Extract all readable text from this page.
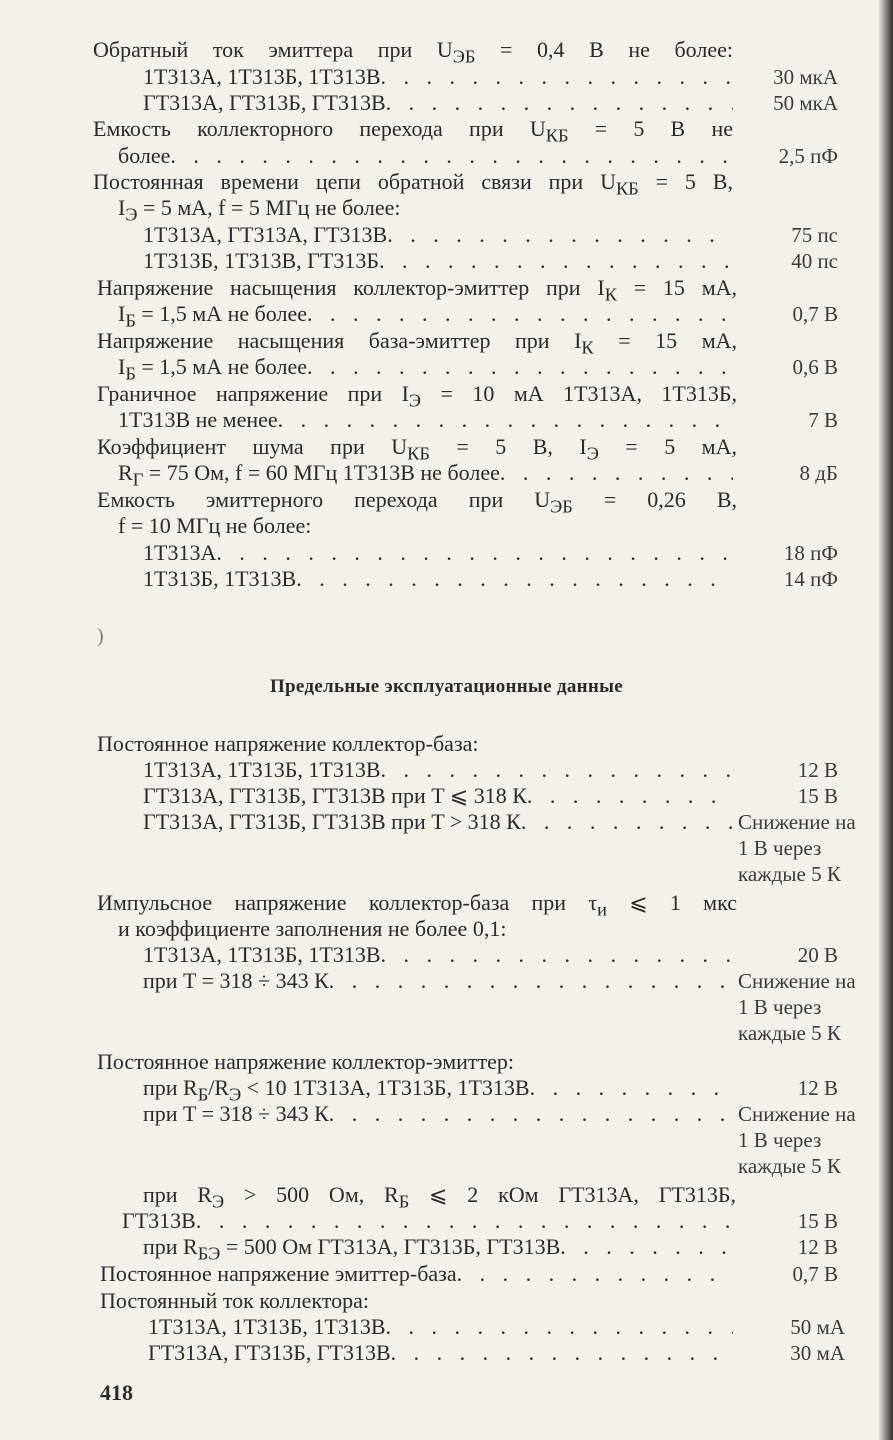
Обратный ток эмиттера при $U_{ЭБ} = 0,4$ В не более:
1Т313А, 1Т313Б, 1Т313В . . .	30 мкА
ГТ313А, ГТ313Б, ГТ313В . . .	50 мкА
Емкость коллекторного перехода при $U_{КБ} = 5$ В не
более . . .	2,5 пФ
Постоянная времени цепи обратной связи при $U_{КБ} = 5$ В,
$I_Э = 5$ мА, f = 5 МГц не более:
1Т313А, ГТ313А, ГТ313В . . .	75 пс
1Т313Б, 1Т313В, ГТ313Б . . .	40 пс
Напряжение насыщения коллектор-эмиттер при $I_К = 15$ мА,
$I_Б = 1,5$ мА не более . . .	0,7 В
Напряжение насыщения база-эмиттер при $I_К = 15$ мА,
$I_Б = 1,5$ мА не более . . .	0,6 В
Граничное напряжение при $I_Э = 10$ мА 1Т313А, 1Т313Б,
1Т313В не менее . . .	7 В
Коэффициент шума при $U_{КБ} = 5$ В, $I_Э = 5$ мА,
$R_Г = 75$ Ом, f = 60 МГц 1Т313В не более . . .	8 дБ
Емкость эмиттерного перехода при $U_{ЭБ} = 0,26$ В,
f = 10 МГц не более:
1Т313А . . .	18 пФ
1Т313Б, 1Т313В . . .	14 пФ
)
Предельные эксплуатационные данные
Постоянное напряжение коллектор-база:
1Т313А, 1Т313Б, 1Т313В . . .	12 В
ГТ313А, ГТ313Б, ГТ313В при T ⩽ 318 К . . .	15 В
ГТ313А, ГТ313Б, ГТ313В при T > 318 К . . .	Снижение на
1 В через
каждые 5 К
Импульсное напряжение коллектор-база при $\tau_и$ ⩽ 1 мкс
и коэффициенте заполнения не более 0,1:
1Т313А, 1Т313Б, 1Т313В . . .	20 В
при T = 318 ÷ 343 К . . .	Снижение на
1 В через
каждые 5 К
Постоянное напряжение коллектор-эмиттер:
при $R_Б/R_Э < 10$ 1Т313А, 1Т313Б, 1Т313В . . .	12 В
при T = 318 ÷ 343 К . . .	Снижение на
1 В через
каждые 5 К
при $R_Э > 500$ Ом, $R_Б$ ⩽ 2 кОм ГТ313А, ГТ313Б,
ГТ313В . . .	15 В
при $R_{БЭ} = 500$ Ом ГТ313А, ГТ313Б, ГТ313В . . .	12 В
Постоянное напряжение эмиттер-база . . .	0,7 В
Постоянный ток коллектора:
1Т313А, 1Т313Б, 1Т313В . . .	50 мА
ГТ313А, ГТ313Б, ГТ313В . . .	30 мА
418
